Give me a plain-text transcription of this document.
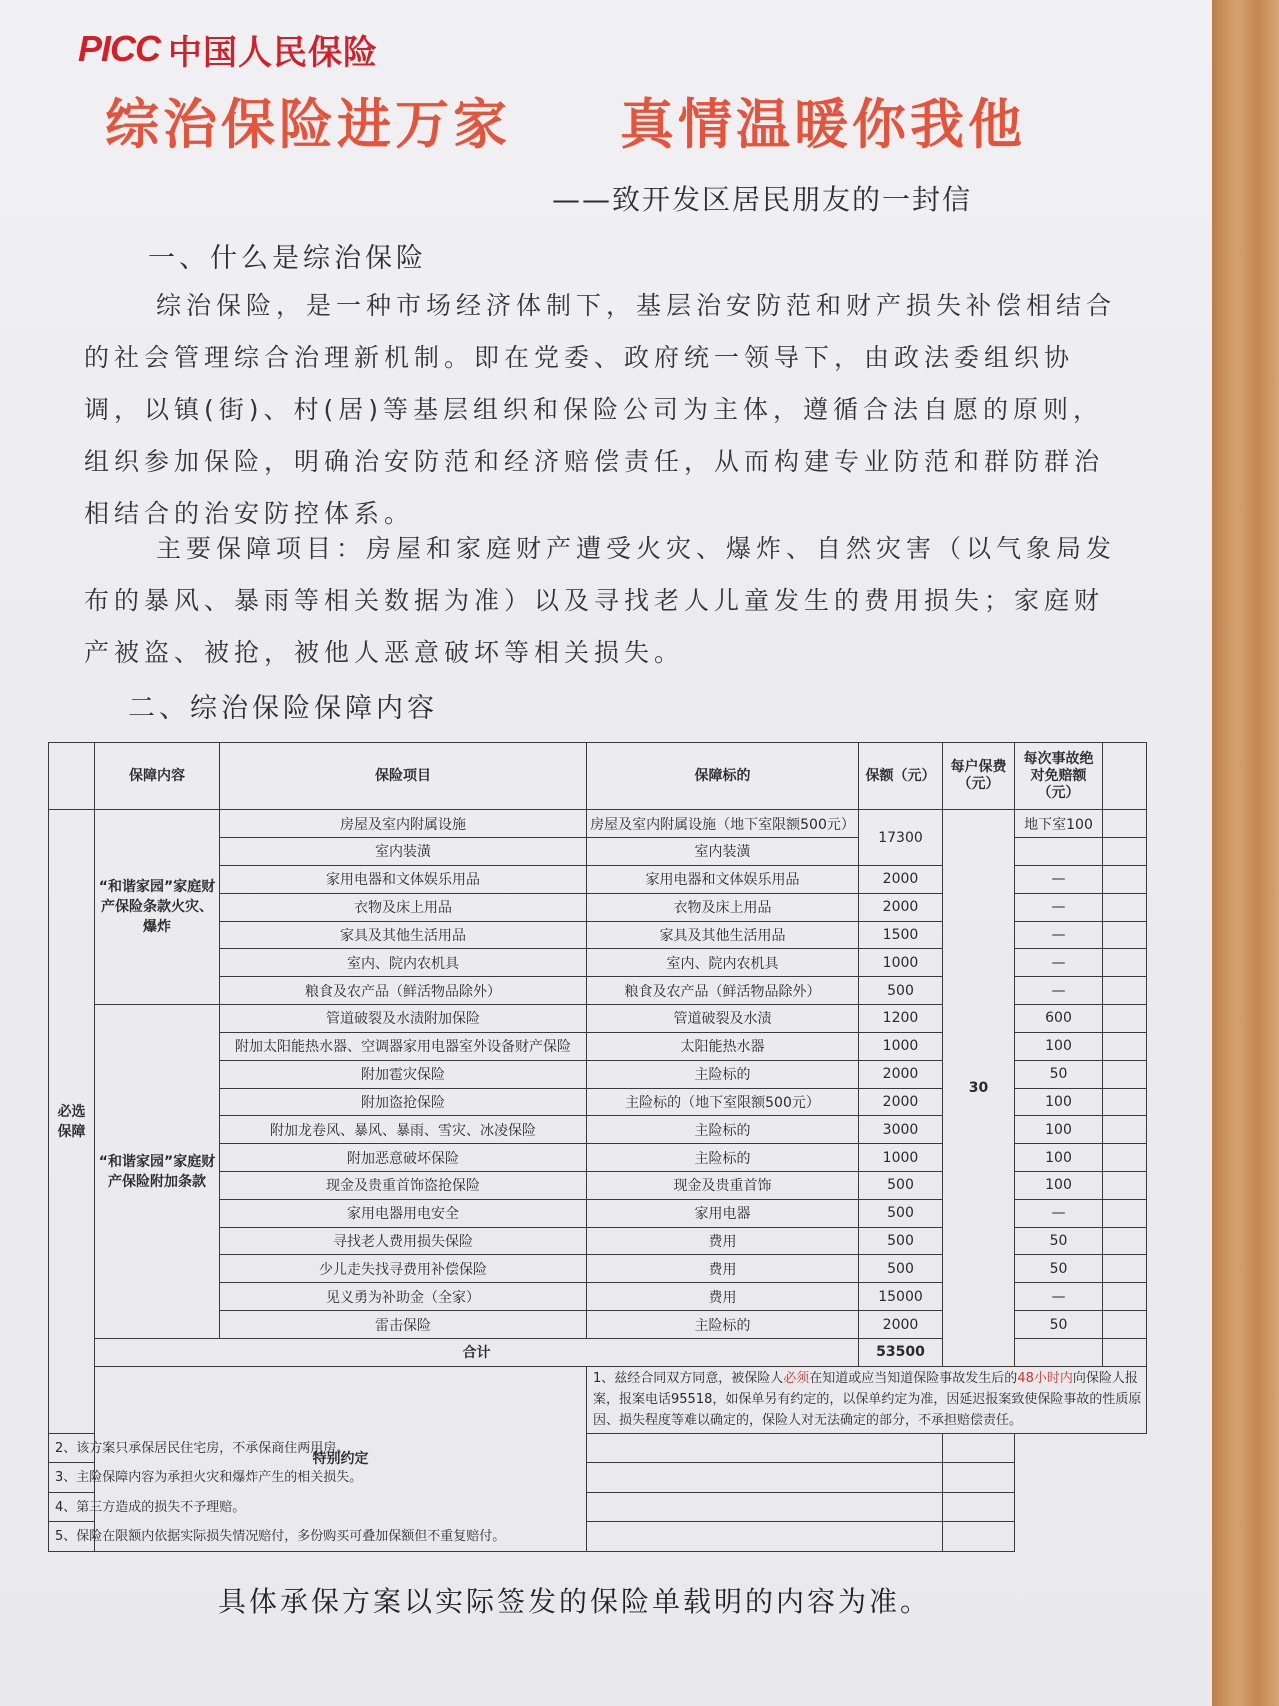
PICC 中国人民保险
综治保险进万家 真情温暖你我他
——致开发区居民朋友的一封信
一、什么是综治保险
综治保险，是一种市场经济体制下，基层治安防范和财产损失补偿相结合的社会管理综合治理新机制。即在党委、政府统一领导下，由政法委组织协调，以镇(街)、村(居)等基层组织和保险公司为主体，遵循合法自愿的原则，组织参加保险，明确治安防范和经济赔偿责任，从而构建专业防范和群防群治相结合的治安防控体系。
主要保障项目：房屋和家庭财产遭受火灾、爆炸、自然灾害（以气象局发布的暴风、暴雨等相关数据为准）以及寻找老人儿童发生的费用损失；家庭财产被盗、被抢，被他人恶意破坏等相关损失。
二、综治保险保障内容
	保障内容	保险项目	保障标的	保额（元）	每户保费（元）	每次事故绝对免赔额（元）		
必选保障	“和谐家园”家庭财产保险条款火灾、爆炸	房屋及室内附属设施	房屋及室内附属设施（地下室限额500元）	17300	30	地下室100		
		室内装潢	室内装潢					
		家用电器和文体娱乐用品	家用电器和文体娱乐用品	2000		—		
		衣物及床上用品	衣物及床上用品	2000		—		
		家具及其他生活用品	家具及其他生活用品	1500		—		
		室内、院内农机具	室内、院内农机具	1000		—		
		粮食及农产品（鲜活物品除外）	粮食及农产品（鲜活物品除外）	500		—		
	“和谐家园”家庭财产保险附加条款	管道破裂及水渍附加保险	管道破裂及水渍	1200		600		
		附加太阳能热水器、空调器家用电器室外设备财产保险	太阳能热水器	1000		100		
		附加雹灾保险	主险标的	2000		50		
		附加盗抢保险	主险标的（地下室限额500元）	2000		100		
		附加龙卷风、暴风、暴雨、雪灾、冰凌保险	主险标的	3000		100		
		附加恶意破坏保险	主险标的	1000		100		
		现金及贵重首饰盗抢保险	现金及贵重首饰	500		100		
		家用电器用电安全	家用电器	500		—		
		寻找老人费用损失保险	费用	500		50		
		少儿走失找寻费用补偿保险	费用	500		50		
		见义勇为补助金（全家）	费用	15000		—		
		雷击保险	主险标的	2000		50		
	合计			53500				
	特别约定		1、兹经合同双方同意，被保险人必须在知道或应当知道保险事故发生后的48小时内向保险人报案，报案电话95518，如保单另有约定的，以保单约定为准，因延迟报案致使保险事故的性质原因、损失程度等难以确定的，保险人对无法确定的部分，不承担赔偿责任。					
2、该方案只承保居民住宅房，不承保商住两用房。								
3、主险保障内容为承担火灾和爆炸产生的相关损失。								
4、第三方造成的损失不予理赔。								
5、保险在限额内依据实际损失情况赔付，多份购买可叠加保额但不重复赔付。								
具体承保方案以实际签发的保险单载明的内容为准。
